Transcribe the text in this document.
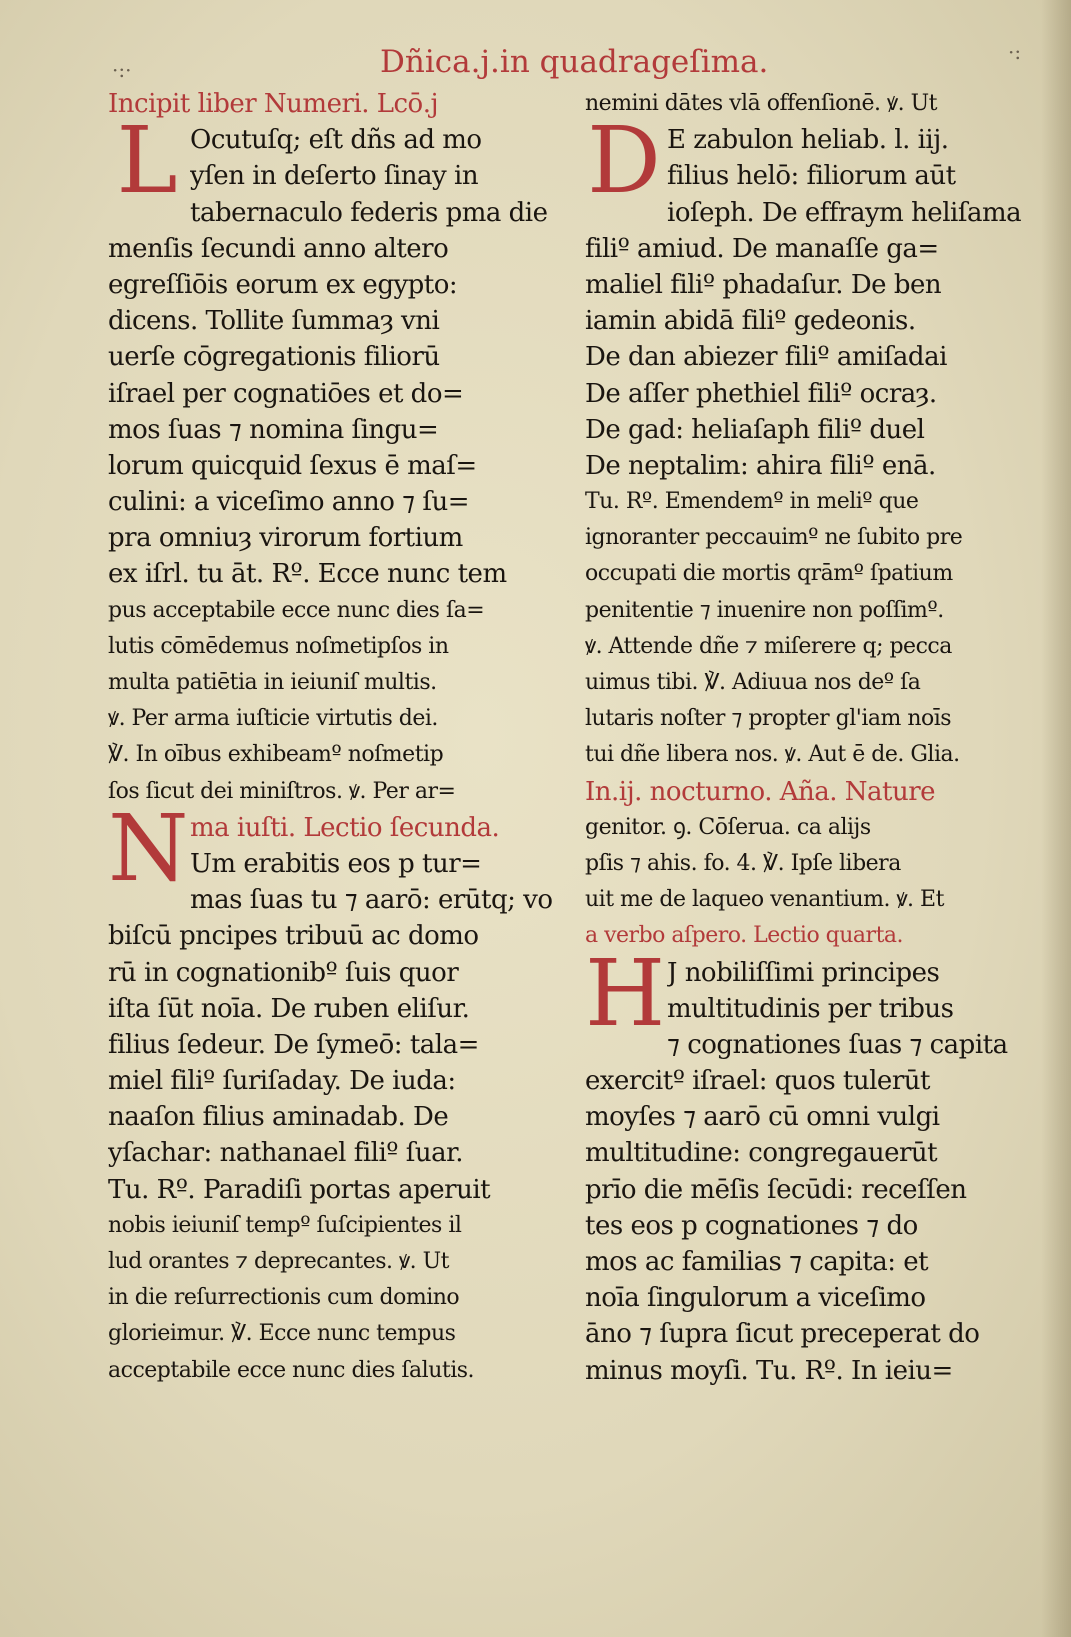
·:·
·:
Dñica.j.in quadrageſima.
Incipit liber Numeri. Lcō.j
L Ocutuſq; eſt dñs ad mo
yſen in deſerto ſinay in
tabernaculo federis pma die
menſis ſecundi anno altero
egreſſiōis eorum ex egypto:
dicens. Tollite ſummaȝ vni
uerſe cōgregationis filiorū
iſrael per cognatiōes et do=
mos ſuas ⁊ nomina ſingu=
lorum quicquid ſexus ē maſ=
culini: a viceſimo anno ⁊ ſu=
pra omniuȝ virorum fortium
ex iſrl. tu āt. Rº. Ecce nunc tem
pus acceptabile ecce nunc dies ſa=
lutis cōmēdemus noſmetipſos in
multa patiētia in ieiuniſ multis.
ꝟ. Per arma iuſticie virtutis dei.
℣. In oībus exhibeamº noſmetip
ſos ſicut dei miniſtros. ꝟ. Per ar=
N ma iuſti. Lectio ſecunda.
Um erabitis eos p tur=
mas ſuas tu ⁊ aarō: erūtq; vo
biſcū pncipes tribuū ac domo
rū in cognationibº ſuis quor
iſta ſūt noīa. De ruben eliſur.
filius ſedeur. De ſymeō: tala=
miel filiº ſuriſaday. De iuda:
naaſon filius aminadab. De
yſachar: nathanael filiº ſuar.
Tu. Rº. Paradiſi portas aperuit
nobis ieiuniſ tempº ſuſcipientes il
lud orantes ⁊ deprecantes. ꝟ. Ut
in die reſurrectionis cum domino
glorieimur. ℣. Ecce nunc tempus
acceptabile ecce nunc dies ſalutis.
nemini dātes vlā offenſionē. ꝟ. Ut
D E zabulon heliab. l. iij.
filius helō: filiorum aūt
ioſeph. De effraym heliſama
filiº amiud. De manaſſe ga=
maliel filiº phadaſur. De ben
iamin abidā filiº gedeonis.
De dan abiezer filiº amiſadai
De aſſer phethiel filiº ocraȝ.
De gad: heliaſaph filiº duel
De neptalim: ahira filiº enā.
Tu. Rº. Emendemº in meliº que
ignoranter peccauimº ne ſubito pre
occupati die mortis qrāmº ſpatium
penitentie ⁊ inuenire non poſſimº.
ꝟ. Attende dñe ⁊ miſerere q; pecca
uimus tibi. ℣. Adiuua nos deº ſa
lutaris noſter ⁊ propter gl'iam noīs
tui dñe libera nos. ꝟ. Aut ē de. Glia.
In.ij. nocturno. Aña. Nature
genitor. ꝯ. Cōſerua. ca alijs
pſis ⁊ ahis. fo. 4. ℣. Ipſe libera
uit me de laqueo venantium. ꝟ. Et
a verbo aſpero. Lectio quarta.
H J nobiliſſimi principes
multitudinis per tribus
⁊ cognationes ſuas ⁊ capita
exercitº iſrael: quos tulerūt
moyſes ⁊ aarō cū omni vulgi
multitudine: congregauerūt
prīo die mēſis ſecūdi: receſſen
tes eos p cognationes ⁊ do
mos ac familias ⁊ capita: et
noīa ſingulorum a viceſimo
āno ⁊ ſupra ſicut preceperat do
minus moyſi. Tu. Rº. In ieiu=
